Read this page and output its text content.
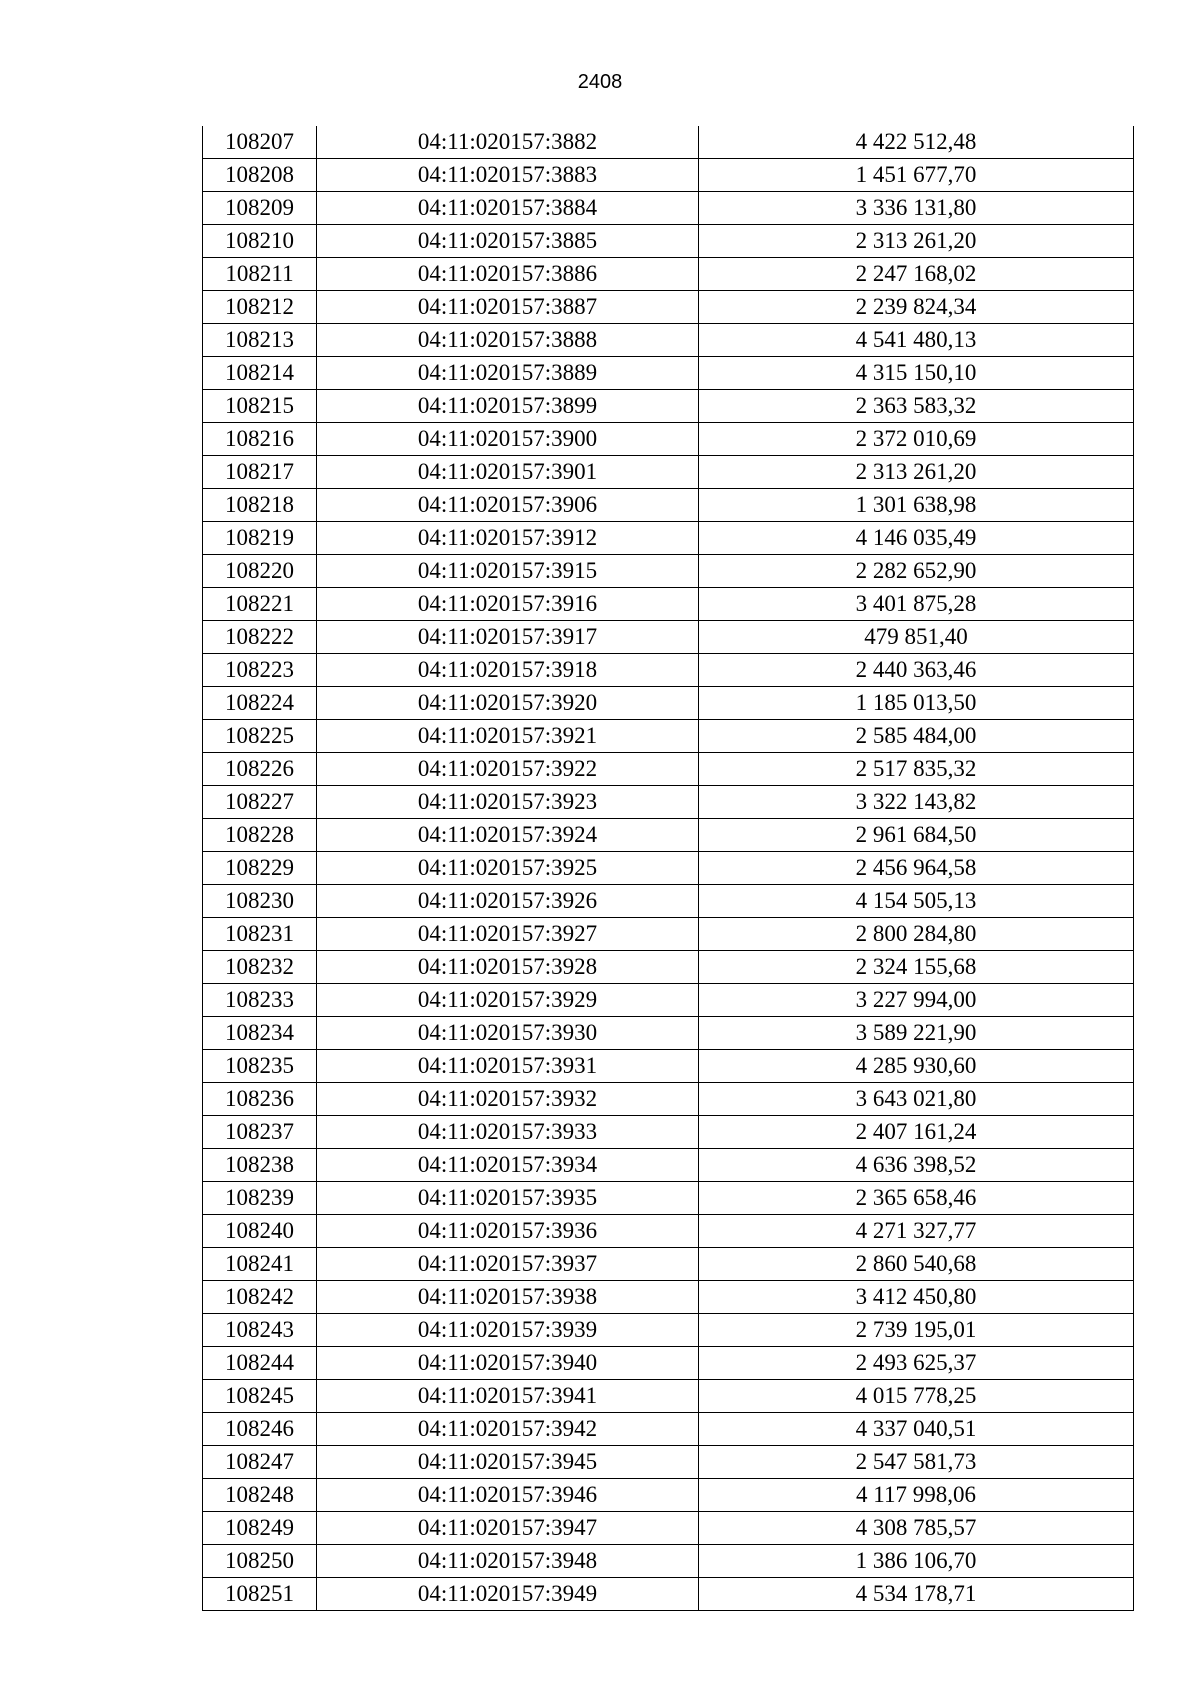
2408
108207	04:11:020157:3882	4 422 512,48
108208	04:11:020157:3883	1 451 677,70
108209	04:11:020157:3884	3 336 131,80
108210	04:11:020157:3885	2 313 261,20
108211	04:11:020157:3886	2 247 168,02
108212	04:11:020157:3887	2 239 824,34
108213	04:11:020157:3888	4 541 480,13
108214	04:11:020157:3889	4 315 150,10
108215	04:11:020157:3899	2 363 583,32
108216	04:11:020157:3900	2 372 010,69
108217	04:11:020157:3901	2 313 261,20
108218	04:11:020157:3906	1 301 638,98
108219	04:11:020157:3912	4 146 035,49
108220	04:11:020157:3915	2 282 652,90
108221	04:11:020157:3916	3 401 875,28
108222	04:11:020157:3917	479 851,40
108223	04:11:020157:3918	2 440 363,46
108224	04:11:020157:3920	1 185 013,50
108225	04:11:020157:3921	2 585 484,00
108226	04:11:020157:3922	2 517 835,32
108227	04:11:020157:3923	3 322 143,82
108228	04:11:020157:3924	2 961 684,50
108229	04:11:020157:3925	2 456 964,58
108230	04:11:020157:3926	4 154 505,13
108231	04:11:020157:3927	2 800 284,80
108232	04:11:020157:3928	2 324 155,68
108233	04:11:020157:3929	3 227 994,00
108234	04:11:020157:3930	3 589 221,90
108235	04:11:020157:3931	4 285 930,60
108236	04:11:020157:3932	3 643 021,80
108237	04:11:020157:3933	2 407 161,24
108238	04:11:020157:3934	4 636 398,52
108239	04:11:020157:3935	2 365 658,46
108240	04:11:020157:3936	4 271 327,77
108241	04:11:020157:3937	2 860 540,68
108242	04:11:020157:3938	3 412 450,80
108243	04:11:020157:3939	2 739 195,01
108244	04:11:020157:3940	2 493 625,37
108245	04:11:020157:3941	4 015 778,25
108246	04:11:020157:3942	4 337 040,51
108247	04:11:020157:3945	2 547 581,73
108248	04:11:020157:3946	4 117 998,06
108249	04:11:020157:3947	4 308 785,57
108250	04:11:020157:3948	1 386 106,70
108251	04:11:020157:3949	4 534 178,71
